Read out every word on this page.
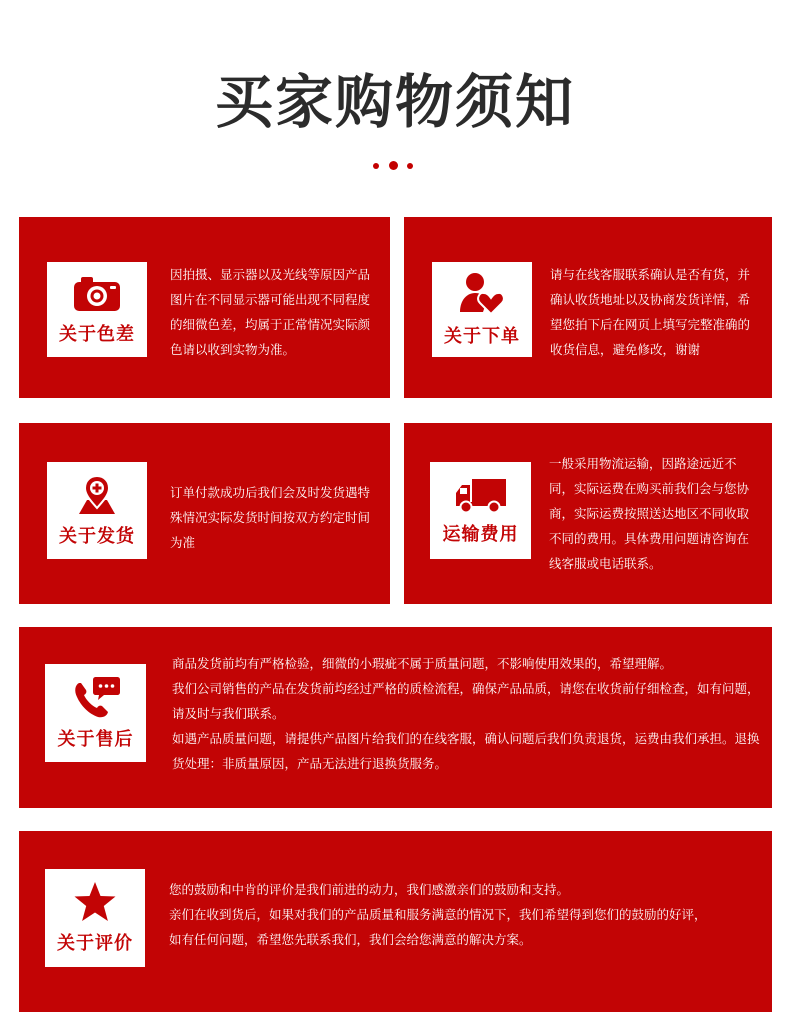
买家购物须知
关于色差

因拍摄、显示器以及光线等原因产品图片在不同显示器可能出现不同程度的细微色差，均属于正常情况实际颜色请以收到实物为准。

关于下单

请与在线客服联系确认是否有货，并确认收货地址以及协商发货详情，希望您拍下后在网页上填写完整准确的收货信息，避免修改，谢谢

关于发货

订单付款成功后我们会及时发货遇特殊情况实际发货时间按双方约定时间为准	运输费用

一般采用物流运输，因路途远近不同，实际运费在购买前我们会与您协商，实际运费按照送达地区不同收取不同的费用。具体费用问题请咨询在线客服或电话联系。

关于售后

商品发货前均有严格检验，细微的小瑕疵不属于质量问题，不影响使用效果的，希望理解。

我们公司销售的产品在发货前均经过严格的质检流程，确保产品品质，请您在收货前仔细检查，如有问题，请及时与我们联系。

如遇产品质量问题，请提供产品图片给我们的在线客服，确认问题后我们负责退货，运费由我们承担。退换货处理：非质量原因，产品无法进行退换货服务。

关于评价

您的鼓励和中肯的评价是我们前进的动力，我们感激亲们的鼓励和支持。

亲们在收到货后，如果对我们的产品质量和服务满意的情况下，我们希望得到您们的鼓励的好评，

如有任何问题，希望您先联系我们，我们会给您满意的解决方案。
